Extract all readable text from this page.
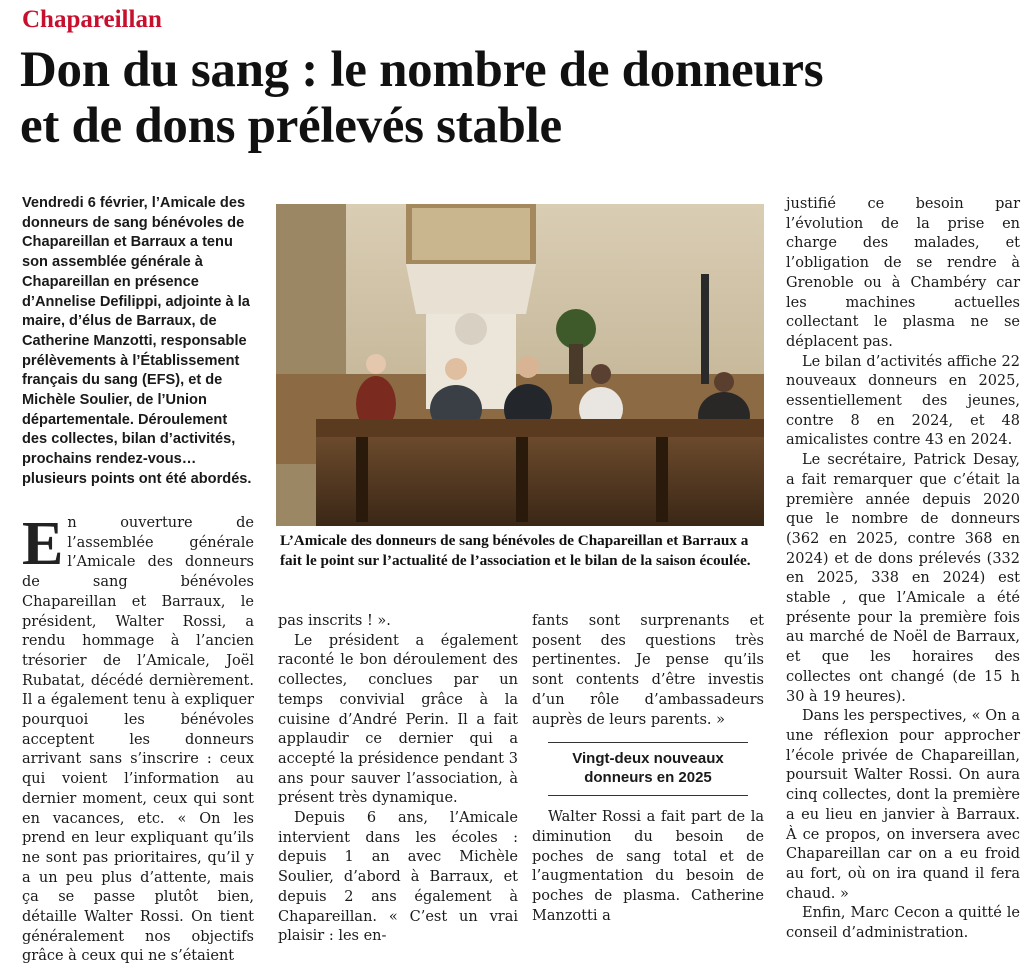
Chapareillan
Don du sang : le nombre de donneurs
et de dons prélevés stable

Vendredi 6 février, l’Amicale des donneurs de sang bénévoles de Chapareillan et Barraux a tenu son assemblée générale à Chapareillan en présence d’Annelise Defilippi, adjointe à la maire, d’élus de Barraux, de Catherine Manzotti, responsable prélèvements à l’Établissement français du sang (EFS), et de Michèle Soulier, de l’Union départementale. Déroulement des collectes, bilan d’activités, prochains rendez-vous… plusieurs points ont été abordés.

E n ouverture de l’assemblée générale l’Amicale des donneurs de sang bénévoles Chapareillan et Barraux, le président, Walter Rossi, a rendu hommage à l’ancien trésorier de l’Amicale, Joël Rubatat, décédé dernièrement. Il a également tenu à expliquer pourquoi les bénévoles acceptent les donneurs arrivant sans s’inscrire : ceux qui voient l’information au dernier moment, ceux qui sont en vacances, etc. « On les prend en leur expliquant qu’ils ne sont pas prioritaires, qu’il y a un peu plus d’attente, mais ça se passe plutôt bien, détaille Walter Rossi. On tient généralement nos objectifs grâce à ceux qui ne s’étaient

L’Amicale des donneurs de sang bénévoles de Chapareillan et Barraux a fait le point sur l’actualité de l’association et le bilan de la saison écoulée.

pas inscrits ! ».

Le président a également raconté le bon déroulement des collectes, conclues par un temps convivial grâce à la cuisine d’André Perin. Il a fait applaudir ce dernier qui a accepté la présidence pendant 3 ans pour sauver l’association, à présent très dynamique.

Depuis 6 ans, l’Amicale intervient dans les écoles : depuis 1 an avec Michèle Soulier, d’abord à Barraux, et depuis 2 ans également à Chapareillan. « C’est un vrai plaisir : les en-

fants sont surprenants et posent des questions très pertinentes. Je pense qu’ils sont contents d’être investis d’un rôle d’ambassadeurs auprès de leurs parents. »

Vingt-deux nouveaux donneurs en 2025

Walter Rossi a fait part de la diminution du besoin de poches de sang total et de l’augmentation du besoin de poches de plasma. Catherine Manzotti a

justifié ce besoin par l’évolution de la prise en charge des malades, et l’obligation de se rendre à Grenoble ou à Chambéry car les machines actuelles collectant le plasma ne se déplacent pas.

Le bilan d’activités affiche 22 nouveaux donneurs en 2025, essentiellement des jeunes, contre 8 en 2024, et 48 amicalistes contre 43 en 2024.

Le secrétaire, Patrick Desay, a fait remarquer que c’était la première année depuis 2020 que le nombre de donneurs (362 en 2025, contre 368 en 2024) et de dons prélevés (332 en 2025, 338 en 2024) est stable , que l’Amicale a été présente pour la première fois au marché de Noël de Barraux, et que les horaires des collectes ont changé (de 15 h 30 à 19 heures).

Dans les perspectives, « On a une réflexion pour approcher l’école privée de Chapareillan, poursuit Walter Rossi. On aura cinq collectes, dont la première a eu lieu en janvier à Barraux. À ce propos, on inversera avec Chapareillan car on a eu froid au fort, où on ira quand il fera chaud. »

Enfin, Marc Cecon a quitté le conseil d’administration.
